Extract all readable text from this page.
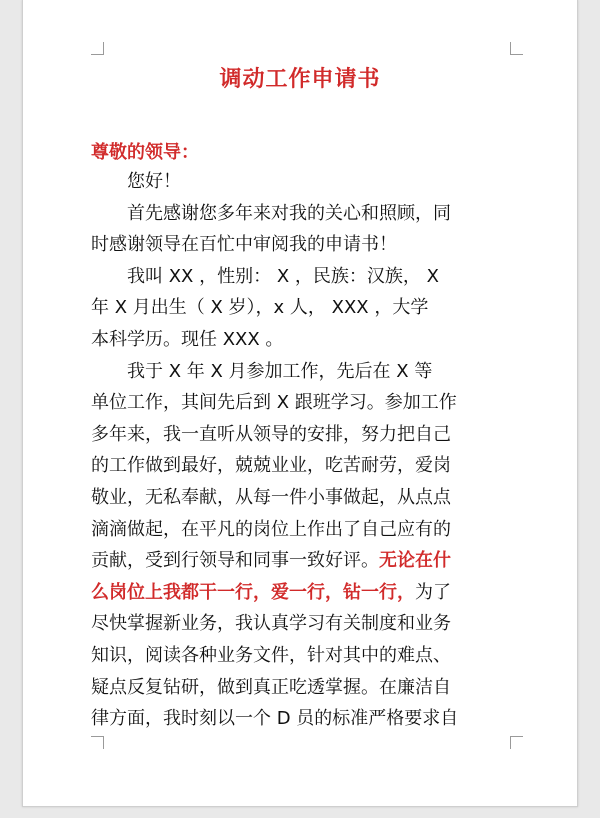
调动工作申请书
尊敬的领导：
　　您好！
　　首先感谢您多年来对我的关心和照顾，同
时感谢领导在百忙中审阅我的申请书！
　　我叫 XX ，性别： X ，民族：汉族， X
年 X 月出生（ X 岁），x 人， XXX ，大学
本科学历。现任 XXX 。
　　我于 X 年 X 月参加工作，先后在 X 等
单位工作，其间先后到 X 跟班学习。参加工作
多年来，我一直听从领导的安排，努力把自己
的工作做到最好，兢兢业业，吃苦耐劳，爱岗
敬业，无私奉献，从每一件小事做起，从点点
滴滴做起，在平凡的岗位上作出了自己应有的
贡献，受到行领导和同事一致好评。无论在什
么岗位上我都干一行，爱一行，钻一行，为了
尽快掌握新业务，我认真学习有关制度和业务
知识，阅读各种业务文件，针对其中的难点、
疑点反复钻研，做到真正吃透掌握。在廉洁自
律方面，我时刻以一个 D 员的标准严格要求自
